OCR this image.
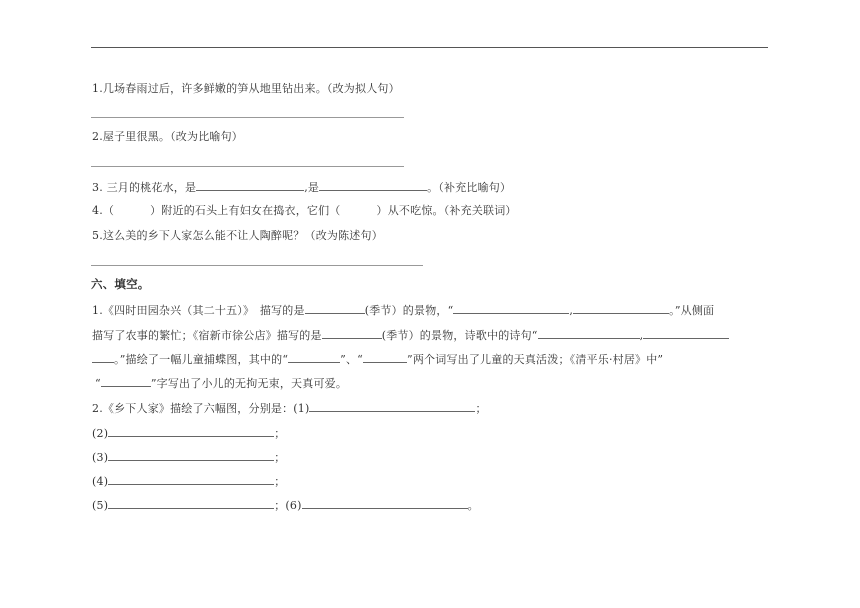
1.几场春雨过后，许多鲜嫩的笋从地里钻出来。（改为拟人句）
2.屋子里很黑。（改为比喻句）
3. 三月的桃花水，是	,是	。（补充比喻句）
4.（	）附近的石头上有妇女在捣衣，它们（	）从不吃惊。（补充关联词）
5.这么美的乡下人家怎么能不让人陶醉呢？（改为陈述句）
六、填空。
1.《四时田园杂兴（其二十五）》　描写的是	(季节）的景物，“	,	。”从侧面
描写了农事的繁忙；《宿新市徐公店》描写的是	(季节）的景物，诗歌中的诗句“	,
。”描绘了一幅儿童捕蝶图，其中的“	”、“	”两个词写出了儿童的天真活泼；《清平乐·村居》中”
“	”字写出了小儿的无拘无束，天真可爱。
2.《乡下人家》描绘了六幅图，分别是：(1)	；
(2)	；
(3)	；
(4)	；
(5)	；(6)	。
